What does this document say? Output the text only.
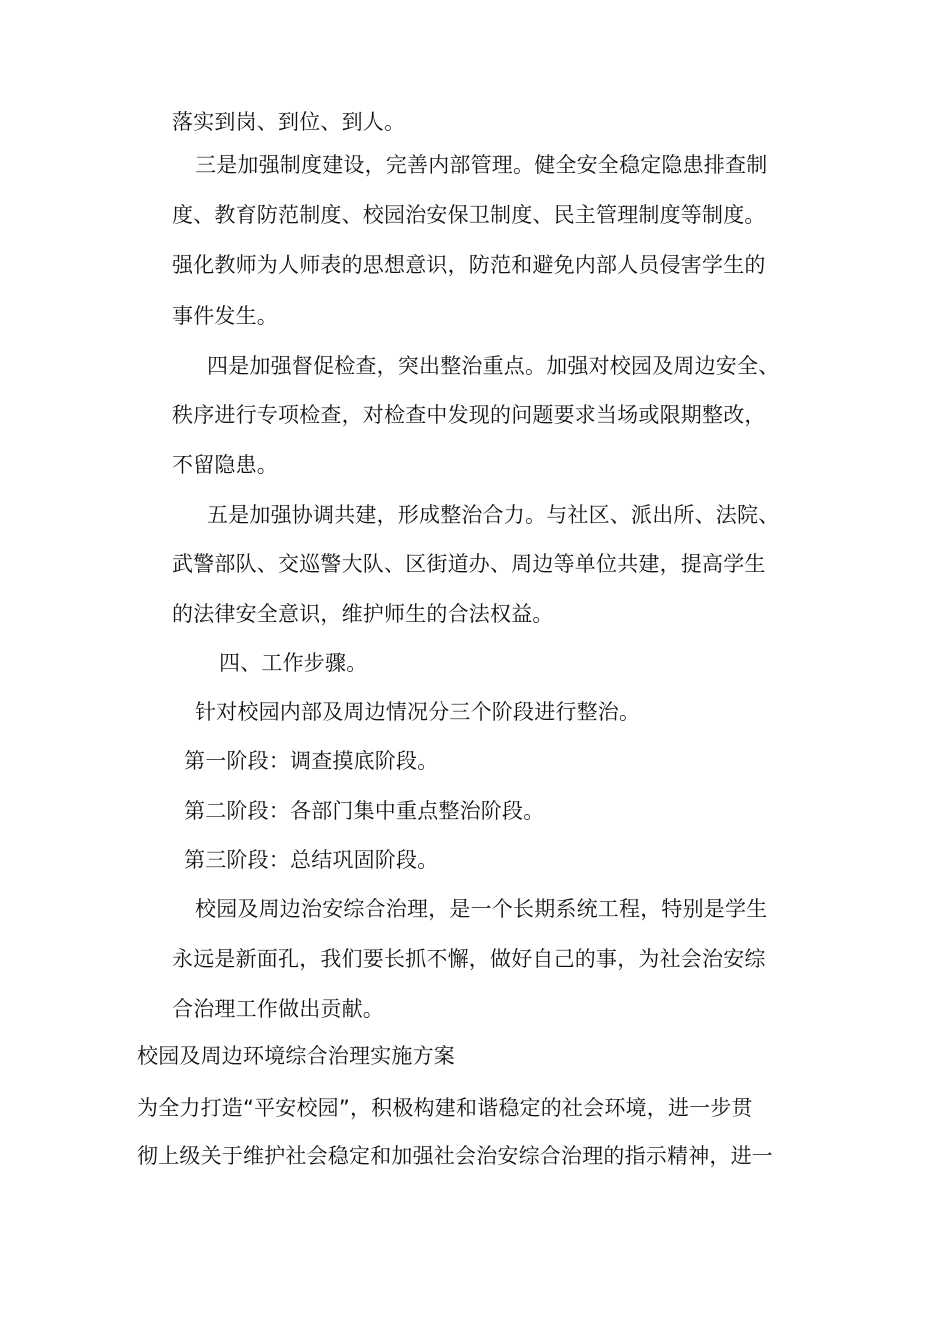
落实到岗、到位、到人。
三是加强制度建设，完善内部管理。健全安全稳定隐患排查制
度、教育防范制度、校园治安保卫制度、民主管理制度等制度。
强化教师为人师表的思想意识，防范和避免内部人员侵害学生的
事件发生。
四是加强督促检查，突出整治重点。加强对校园及周边安全、
秩序进行专项检查，对检查中发现的问题要求当场或限期整改，
不留隐患。
五是加强协调共建，形成整治合力。与社区、派出所、法院、
武警部队、交巡警大队、区街道办、周边等单位共建，提高学生
的法律安全意识，维护师生的合法权益。
四、工作步骤。
针对校园内部及周边情况分三个阶段进行整治。
第一阶段：调查摸底阶段。
第二阶段：各部门集中重点整治阶段。
第三阶段：总结巩固阶段。
校园及周边治安综合治理，是一个长期系统工程，特别是学生
永远是新面孔，我们要长抓不懈，做好自己的事，为社会治安综
合治理工作做出贡献。
校园及周边环境综合治理实施方案
为全力打造“平安校园”，积极构建和谐稳定的社会环境，进一步贯
彻上级关于维护社会稳定和加强社会治安综合治理的指示精神，进一
